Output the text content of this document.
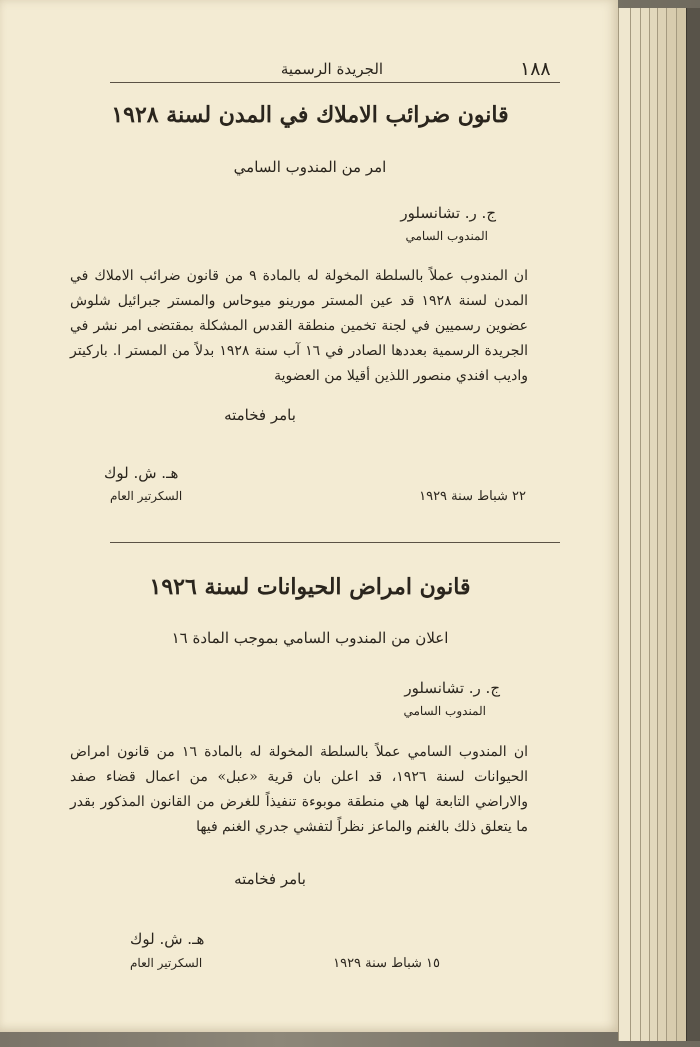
١٨٨

الجريدة الرسمية

قانون ضرائب الاملاك في المدن لسنة ١٩٢٨

امر من المندوب السامي

ج. ر. تشانسلور

المندوب السامي

ان المندوب عملاً بالسلطة المخولة له بالمادة ٩ من قانون ضرائب الاملاك في المدن لسنة ١٩٢٨ قد عين المستر مورينو ميوحاس والمستر جبرائيل شلوش عضوين رسميين في لجنة تخمين منطقة القدس المشكلة بمقتضى امر نشر في الجريدة الرسمية بعددها الصادر في ١٦ آب سنة ١٩٢٨ بدلاً من المستر ا. باركيتر واديب افندي منصور اللذين أقيلا من العضوية

بامر فخامته

هـ. ش. لوك

السكرتير العام	٢٢ شباط سنة ١٩٢٩

قانون امراض الحيوانات لسنة ١٩٢٦

اعلان من المندوب السامي بموجب المادة ١٦

ج. ر. تشانسلور

المندوب السامي

ان المندوب السامي عملاً بالسلطة المخولة له بالمادة ١٦ من قانون امراض الحيوانات لسنة ١٩٢٦، قد اعلن بان قرية «عبل» من اعمال قضاء صفد والاراضي التابعة لها هي منطقة موبوءة تنفيذاً للغرض من القانون المذكور بقدر ما يتعلق ذلك بالغنم والماعز نظراً لتفشي جدري الغنم فيها

بامر فخامته

هـ. ش. لوك

السكرتير العام	١٥ شباط سنة ١٩٢٩
